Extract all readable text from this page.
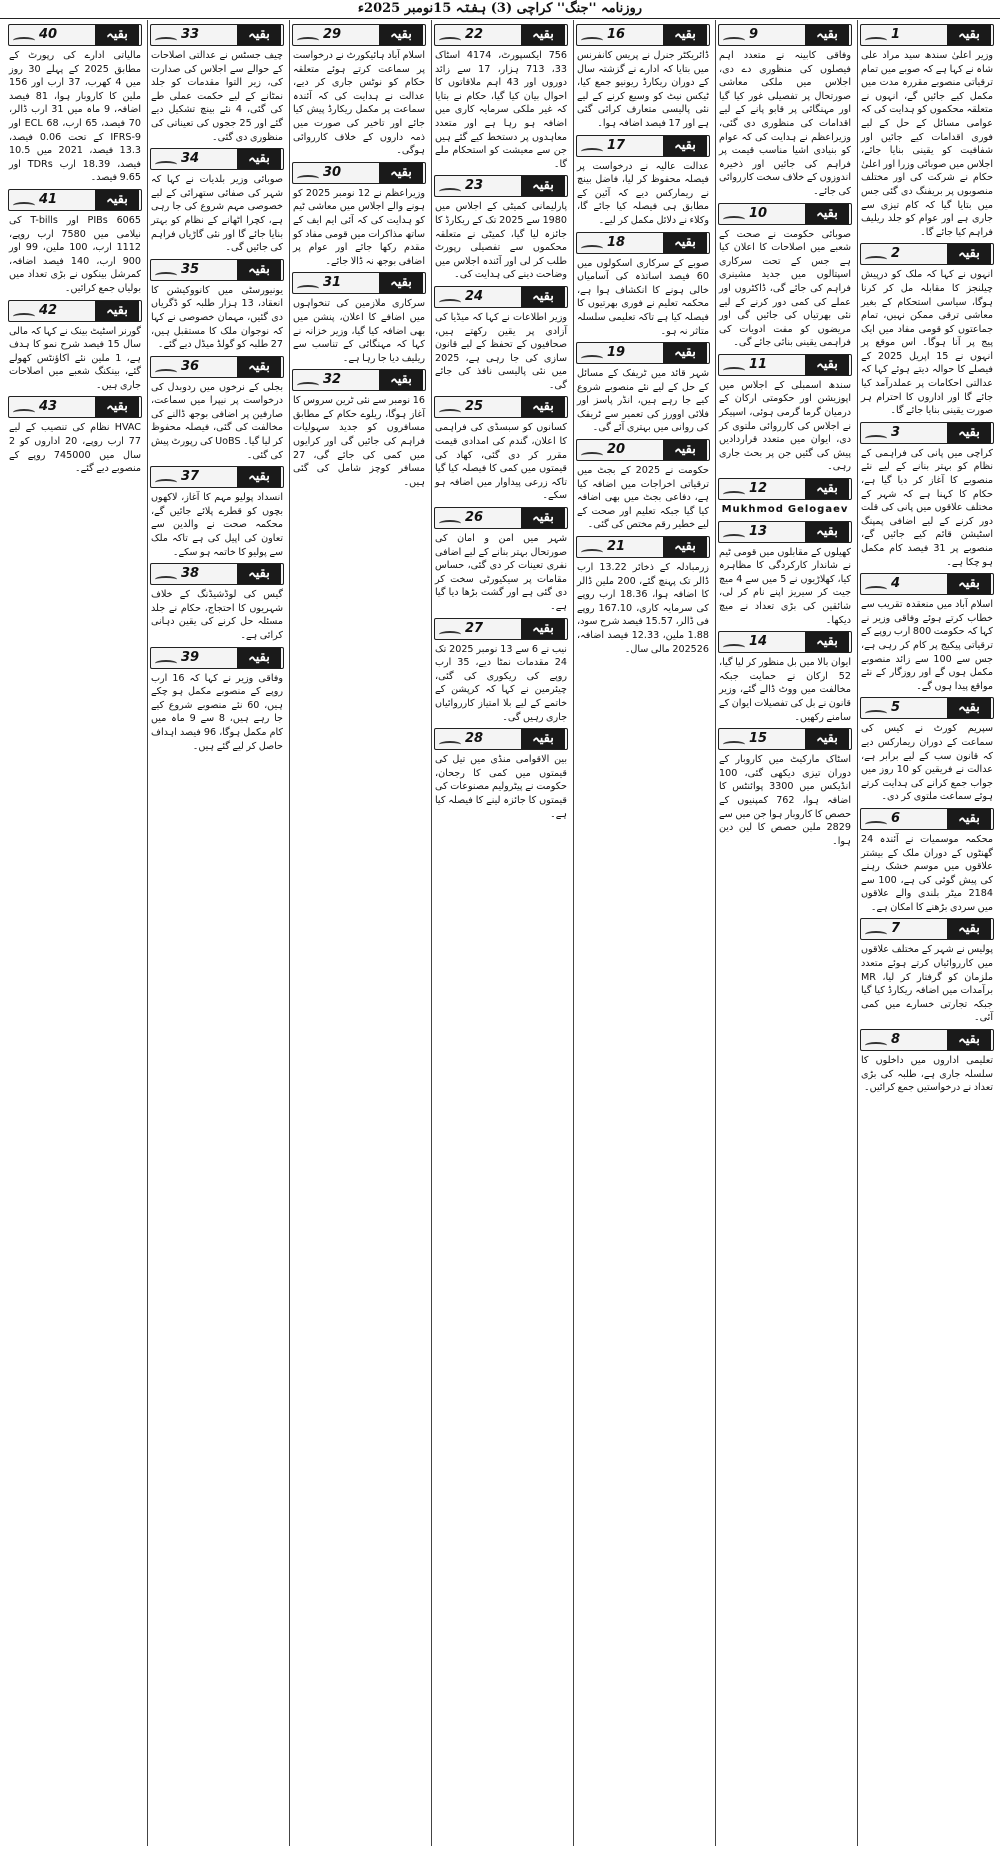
روزنامہ ''جنگ'' کراچی (3) ہفتہ 15نومبر 2025ء
بقیہ
1
وزیر اعلیٰ سندھ سید مراد علی شاہ نے کہا ہے کہ صوبے میں تمام ترقیاتی منصوبے مقررہ مدت میں مکمل کیے جائیں گے، انہوں نے متعلقہ محکموں کو ہدایت کی کہ عوامی مسائل کے حل کے لیے فوری اقدامات کیے جائیں اور شفافیت کو یقینی بنایا جائے، اجلاس میں صوبائی وزرا اور اعلیٰ حکام نے شرکت کی اور مختلف منصوبوں پر بریفنگ دی گئی جس میں بتایا گیا کہ کام تیزی سے جاری ہے اور عوام کو جلد ریلیف فراہم کیا جائے گا۔
بقیہ
2
انہوں نے کہا کہ ملک کو درپیش چیلنجز کا مقابلہ مل کر کرنا ہوگا، سیاسی استحکام کے بغیر معاشی ترقی ممکن نہیں، تمام جماعتوں کو قومی مفاد میں ایک پیج پر آنا ہوگا۔ اس موقع پر انہوں نے 15 اپریل 2025 کے فیصلے کا حوالہ دیتے ہوئے کہا کہ عدالتی احکامات پر عملدرآمد کیا جائے گا اور اداروں کا احترام ہر صورت یقینی بنایا جائے گا۔
بقیہ
3
کراچی میں پانی کی فراہمی کے نظام کو بہتر بنانے کے لیے نئے منصوبے کا آغاز کر دیا گیا ہے، حکام کا کہنا ہے کہ شہر کے مختلف علاقوں میں پانی کی قلت دور کرنے کے لیے اضافی پمپنگ اسٹیشن قائم کیے جائیں گے، منصوبے پر 31 فیصد کام مکمل ہو چکا ہے۔
بقیہ
4
اسلام آباد میں منعقدہ تقریب سے خطاب کرتے ہوئے وفاقی وزیر نے کہا کہ حکومت 800 ارب روپے کے ترقیاتی پیکیج پر کام کر رہی ہے، جس سے 100 سے زائد منصوبے مکمل ہوں گے اور روزگار کے نئے مواقع پیدا ہوں گے۔
بقیہ
5
سپریم کورٹ نے کیس کی سماعت کے دوران ریمارکس دیے کہ قانون سب کے لیے برابر ہے، عدالت نے فریقین کو 10 روز میں جواب جمع کرانے کی ہدایت کرتے ہوئے سماعت ملتوی کر دی۔
بقیہ
6
محکمہ موسمیات نے آئندہ 24 گھنٹوں کے دوران ملک کے بیشتر علاقوں میں موسم خشک رہنے کی پیش گوئی کی ہے، 100 سے 2184 میٹر بلندی والے علاقوں میں سردی بڑھنے کا امکان ہے۔
بقیہ
7
پولیس نے شہر کے مختلف علاقوں میں کارروائیاں کرتے ہوئے متعدد ملزمان کو گرفتار کر لیا، MR برآمدات میں اضافہ ریکارڈ کیا گیا جبکہ تجارتی خسارے میں کمی آئی۔
بقیہ
8
تعلیمی اداروں میں داخلوں کا سلسلہ جاری ہے، طلبہ کی بڑی تعداد نے درخواستیں جمع کرائیں۔
بقیہ
9
وفاقی کابینہ نے متعدد اہم فیصلوں کی منظوری دے دی، اجلاس میں ملکی معاشی صورتحال پر تفصیلی غور کیا گیا اور مہنگائی پر قابو پانے کے لیے اقدامات کی منظوری دی گئی، وزیراعظم نے ہدایت کی کہ عوام کو بنیادی اشیا مناسب قیمت پر فراہم کی جائیں اور ذخیرہ اندوزوں کے خلاف سخت کارروائی کی جائے۔
بقیہ
10
صوبائی حکومت نے صحت کے شعبے میں اصلاحات کا اعلان کیا ہے جس کے تحت سرکاری اسپتالوں میں جدید مشینری فراہم کی جائے گی، ڈاکٹروں اور عملے کی کمی دور کرنے کے لیے نئی بھرتیاں کی جائیں گی اور مریضوں کو مفت ادویات کی فراہمی یقینی بنائی جائے گی۔
بقیہ
11
سندھ اسمبلی کے اجلاس میں اپوزیشن اور حکومتی ارکان کے درمیان گرما گرمی ہوئی، اسپیکر نے اجلاس کی کارروائی ملتوی کر دی، ایوان میں متعدد قراردادیں پیش کی گئیں جن پر بحث جاری رہی۔
بقیہ
12
Mukhmod Gelogaev
بقیہ
13
کھیلوں کے مقابلوں میں قومی ٹیم نے شاندار کارکردگی کا مظاہرہ کیا، کھلاڑیوں نے 5 میں سے 4 میچ جیت کر سیریز اپنے نام کر لی، شائقین کی بڑی تعداد نے میچ دیکھا۔
بقیہ
14
ایوان بالا میں بل منظور کر لیا گیا، 52 ارکان نے حمایت جبکہ مخالفت میں ووٹ ڈالے گئے، وزیر قانون نے بل کی تفصیلات ایوان کے سامنے رکھیں۔
بقیہ
15
اسٹاک مارکیٹ میں کاروبار کے دوران تیزی دیکھی گئی، 100 انڈیکس میں 3300 پوائنٹس کا اضافہ ہوا، 762 کمپنیوں کے حصص کا کاروبار ہوا جن میں سے 2829 ملین حصص کا لین دین ہوا۔
بقیہ
16
ڈائریکٹر جنرل نے پریس کانفرنس میں بتایا کہ ادارے نے گزشتہ سال کے دوران ریکارڈ ریونیو جمع کیا، ٹیکس نیٹ کو وسیع کرنے کے لیے نئی پالیسی متعارف کرائی گئی ہے اور 17 فیصد اضافہ ہوا۔
بقیہ
17
عدالت عالیہ نے درخواست پر فیصلہ محفوظ کر لیا، فاضل بینچ نے ریمارکس دیے کہ آئین کے مطابق ہی فیصلہ کیا جائے گا، وکلاء نے دلائل مکمل کر لیے۔
بقیہ
18
صوبے کے سرکاری اسکولوں میں 60 فیصد اساتذہ کی آسامیاں خالی ہونے کا انکشاف ہوا ہے، محکمہ تعلیم نے فوری بھرتیوں کا فیصلہ کیا ہے تاکہ تعلیمی سلسلہ متاثر نہ ہو۔
بقیہ
19
شہر قائد میں ٹریفک کے مسائل کے حل کے لیے نئے منصوبے شروع کیے جا رہے ہیں، انڈر پاسز اور فلائی اوورز کی تعمیر سے ٹریفک کی روانی میں بہتری آئے گی۔
بقیہ
20
حکومت نے 2025 کے بجٹ میں ترقیاتی اخراجات میں اضافہ کیا ہے، دفاعی بجٹ میں بھی اضافہ کیا گیا جبکہ تعلیم اور صحت کے لیے خطیر رقم مختص کی گئی۔
بقیہ
21
زرمبادلہ کے ذخائر 13.22 ارب ڈالر تک پہنچ گئے، 200 ملین ڈالر کا اضافہ ہوا، 18.36 ارب روپے کی سرمایہ کاری، 167.10 روپے فی ڈالر، 15.57 فیصد شرح سود، 1.88 ملین، 12.33 فیصد اضافہ، 202526 مالی سال۔
بقیہ
22
756 ایکسپورٹ، 4174 اسٹاک 33، 713 ہزار، 17 سے زائد دوروں اور 43 اہم ملاقاتوں کا احوال بیان کیا گیا، حکام نے بتایا کہ غیر ملکی سرمایہ کاری میں اضافہ ہو رہا ہے اور متعدد معاہدوں پر دستخط کیے گئے ہیں جن سے معیشت کو استحکام ملے گا۔
بقیہ
23
پارلیمانی کمیٹی کے اجلاس میں 1980 سے 2025 تک کے ریکارڈ کا جائزہ لیا گیا، کمیٹی نے متعلقہ محکموں سے تفصیلی رپورٹ طلب کر لی اور آئندہ اجلاس میں وضاحت دینے کی ہدایت کی۔
بقیہ
24
وزیر اطلاعات نے کہا کہ میڈیا کی آزادی پر یقین رکھتے ہیں، صحافیوں کے تحفظ کے لیے قانون سازی کی جا رہی ہے، 2025 میں نئی پالیسی نافذ کی جائے گی۔
بقیہ
25
کسانوں کو سبسڈی کی فراہمی کا اعلان، گندم کی امدادی قیمت مقرر کر دی گئی، کھاد کی قیمتوں میں کمی کا فیصلہ کیا گیا تاکہ زرعی پیداوار میں اضافہ ہو سکے۔
بقیہ
26
شہر میں امن و امان کی صورتحال بہتر بنانے کے لیے اضافی نفری تعینات کر دی گئی، حساس مقامات پر سیکیورٹی سخت کر دی گئی ہے اور گشت بڑھا دیا گیا ہے۔
بقیہ
27
نیب نے 6 سے 13 نومبر 2025 تک 24 مقدمات نمٹا دیے، 35 ارب روپے کی ریکوری کی گئی، چیئرمین نے کہا کہ کرپشن کے خاتمے کے لیے بلا امتیاز کارروائیاں جاری رہیں گی۔
بقیہ
28
بین الاقوامی منڈی میں تیل کی قیمتوں میں کمی کا رجحان، حکومت نے پیٹرولیم مصنوعات کی قیمتوں کا جائزہ لینے کا فیصلہ کیا ہے۔
بقیہ
29
اسلام آباد ہائیکورٹ نے درخواست پر سماعت کرتے ہوئے متعلقہ حکام کو نوٹس جاری کر دیے، عدالت نے ہدایت کی کہ آئندہ سماعت پر مکمل ریکارڈ پیش کیا جائے اور تاخیر کی صورت میں ذمہ داروں کے خلاف کارروائی ہوگی۔
بقیہ
30
وزیراعظم نے 12 نومبر 2025 کو ہونے والے اجلاس میں معاشی ٹیم کو ہدایت کی کہ آئی ایم ایف کے ساتھ مذاکرات میں قومی مفاد کو مقدم رکھا جائے اور عوام پر اضافی بوجھ نہ ڈالا جائے۔
بقیہ
31
سرکاری ملازمین کی تنخواہوں میں اضافے کا اعلان، پنشن میں بھی اضافہ کیا گیا، وزیر خزانہ نے کہا کہ مہنگائی کے تناسب سے ریلیف دیا جا رہا ہے۔
بقیہ
32
16 نومبر سے نئی ٹرین سروس کا آغاز ہوگا، ریلوے حکام کے مطابق مسافروں کو جدید سہولیات فراہم کی جائیں گی اور کرایوں میں کمی کی جائے گی، 27 مسافر کوچز شامل کی گئی ہیں۔
بقیہ
33
چیف جسٹس نے عدالتی اصلاحات کے حوالے سے اجلاس کی صدارت کی، زیر التوا مقدمات کو جلد نمٹانے کے لیے حکمت عملی طے کی گئی، 4 نئے بینچ تشکیل دیے گئے اور 25 ججوں کی تعیناتی کی منظوری دی گئی۔
بقیہ
34
صوبائی وزیر بلدیات نے کہا کہ شہر کی صفائی ستھرائی کے لیے خصوصی مہم شروع کی جا رہی ہے، کچرا اٹھانے کے نظام کو بہتر بنایا جائے گا اور نئی گاڑیاں فراہم کی جائیں گی۔
بقیہ
35
یونیورسٹی میں کانووکیشن کا انعقاد، 13 ہزار طلبہ کو ڈگریاں دی گئیں، مہمان خصوصی نے کہا کہ نوجوان ملک کا مستقبل ہیں، 27 طلبہ کو گولڈ میڈل دیے گئے۔
بقیہ
36
بجلی کے نرخوں میں ردوبدل کی درخواست پر نیپرا میں سماعت، صارفین پر اضافی بوجھ ڈالنے کی مخالفت کی گئی، فیصلہ محفوظ کر لیا گیا۔ UoBS کی رپورٹ پیش کی گئی۔
بقیہ
37
انسداد پولیو مہم کا آغاز، لاکھوں بچوں کو قطرے پلائے جائیں گے، محکمہ صحت نے والدین سے تعاون کی اپیل کی ہے تاکہ ملک سے پولیو کا خاتمہ ہو سکے۔
بقیہ
38
گیس کی لوڈشیڈنگ کے خلاف شہریوں کا احتجاج، حکام نے جلد مسئلہ حل کرنے کی یقین دہانی کرائی ہے۔
بقیہ
39
وفاقی وزیر نے کہا کہ 16 ارب روپے کے منصوبے مکمل ہو چکے ہیں، 60 نئے منصوبے شروع کیے جا رہے ہیں، 8 سے 9 ماہ میں کام مکمل ہوگا، 96 فیصد اہداف حاصل کر لیے گئے ہیں۔
بقیہ
40
مالیاتی ادارے کی رپورٹ کے مطابق 2025 کے پہلے 30 روز میں 4 کھرب، 37 ارب اور 156 ملین کا کاروبار ہوا، 81 فیصد اضافہ، 9 ماہ میں 31 ارب ڈالر، 70 فیصد، 65 ارب، 68 ECL اور IFRS-9 کے تحت 0.06 فیصد، 13.3 فیصد، 2021 میں 10.5 فیصد، 18.39 ارب TDRs اور 9.65 فیصد۔
بقیہ
41
6065 PIBs اور T-bills کی نیلامی میں 7580 ارب روپے، 1112 ارب، 100 ملین، 99 اور 900 ارب، 140 فیصد اضافہ، کمرشل بینکوں نے بڑی تعداد میں بولیاں جمع کرائیں۔
بقیہ
42
گورنر اسٹیٹ بینک نے کہا کہ مالی سال 15 فیصد شرح نمو کا ہدف ہے، 1 ملین نئے اکاؤنٹس کھولے گئے، بینکنگ شعبے میں اصلاحات جاری ہیں۔
بقیہ
43
HVAC نظام کی تنصیب کے لیے 77 ارب روپے، 20 اداروں کو 2 سال میں 745000 روپے کے منصوبے دیے گئے۔
